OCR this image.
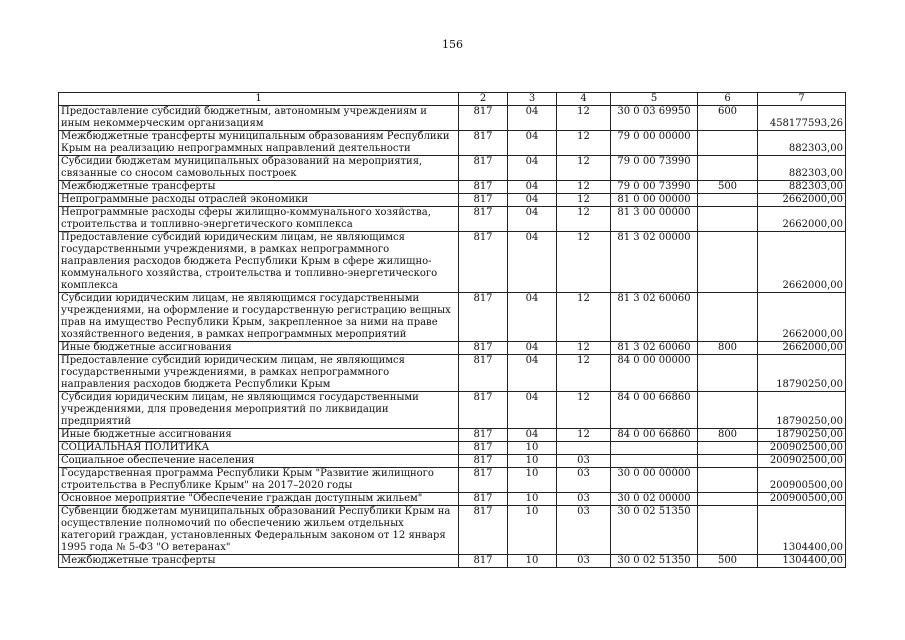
156
1	2	3	4	5	6	7
Предоставление субсидий бюджетным, автономным учреждениям и иным некоммерческим организациям	817	04	12	30 0 03 69950	600	458177593,26
Межбюджетные трансферты муниципальным образованиям Республики Крым на реализацию непрограммных направлений деятельности	817	04	12	79 0 00 00000		882303,00
Субсидии бюджетам муниципальных образований на мероприятия, связанные со сносом самовольных построек	817	04	12	79 0 00 73990		882303,00
Межбюджетные трансферты	817	04	12	79 0 00 73990	500	882303,00
Непрограммные расходы отраслей экономики	817	04	12	81 0 00 00000		2662000,00
Непрограммные расходы сферы жилищно-коммунального хозяйства, строительства и топливно-энергетического комплекса	817	04	12	81 3 00 00000		2662000,00
Предоставление субсидий юридическим лицам, не являющимся государственными учреждениями, в рамках непрограммного направления расходов бюджета Республики Крым в сфере жилищно-коммунального хозяйства, строительства и топливно-энергетического комплекса	817	04	12	81 3 02 00000		2662000,00
Субсидии юридическим лицам, не являющимся государственными учреждениями, на оформление и государственную регистрацию вещных прав на имущество Республики Крым, закрепленное за ними на праве хозяйственного ведения, в рамках непрограммных мероприятий	817	04	12	81 3 02 60060		2662000,00
Иные бюджетные ассигнования	817	04	12	81 3 02 60060	800	2662000,00
Предоставление субсидий юридическим лицам, не являющимся государственными учреждениями, в рамках непрограммного направления расходов бюджета Республики Крым	817	04	12	84 0 00 00000		18790250,00
Субсидия юридическим лицам, не являющимся государственными учреждениями, для проведения мероприятий по ликвидации предприятий	817	04	12	84 0 00 66860		18790250,00
Иные бюджетные ассигнования	817	04	12	84 0 00 66860	800	18790250,00
СОЦИАЛЬНАЯ ПОЛИТИКА	817	10				200902500,00
Социальное обеспечение населения	817	10	03			200902500,00
Государственная программа Республики Крым "Развитие жилищного строительства в Республике Крым" на 2017–2020 годы	817	10	03	30 0 00 00000		200900500,00
Основное мероприятие "Обеспечение граждан доступным жильем"	817	10	03	30 0 02 00000		200900500,00
Субвенции бюджетам муниципальных образований Республики Крым на осуществление полномочий по обеспечению жильем отдельных категорий граждан, установленных Федеральным законом от 12 января 1995 года № 5-ФЗ "О ветеранах"	817	10	03	30 0 02 51350		1304400,00
Межбюджетные трансферты	817	10	03	30 0 02 51350	500	1304400,00
